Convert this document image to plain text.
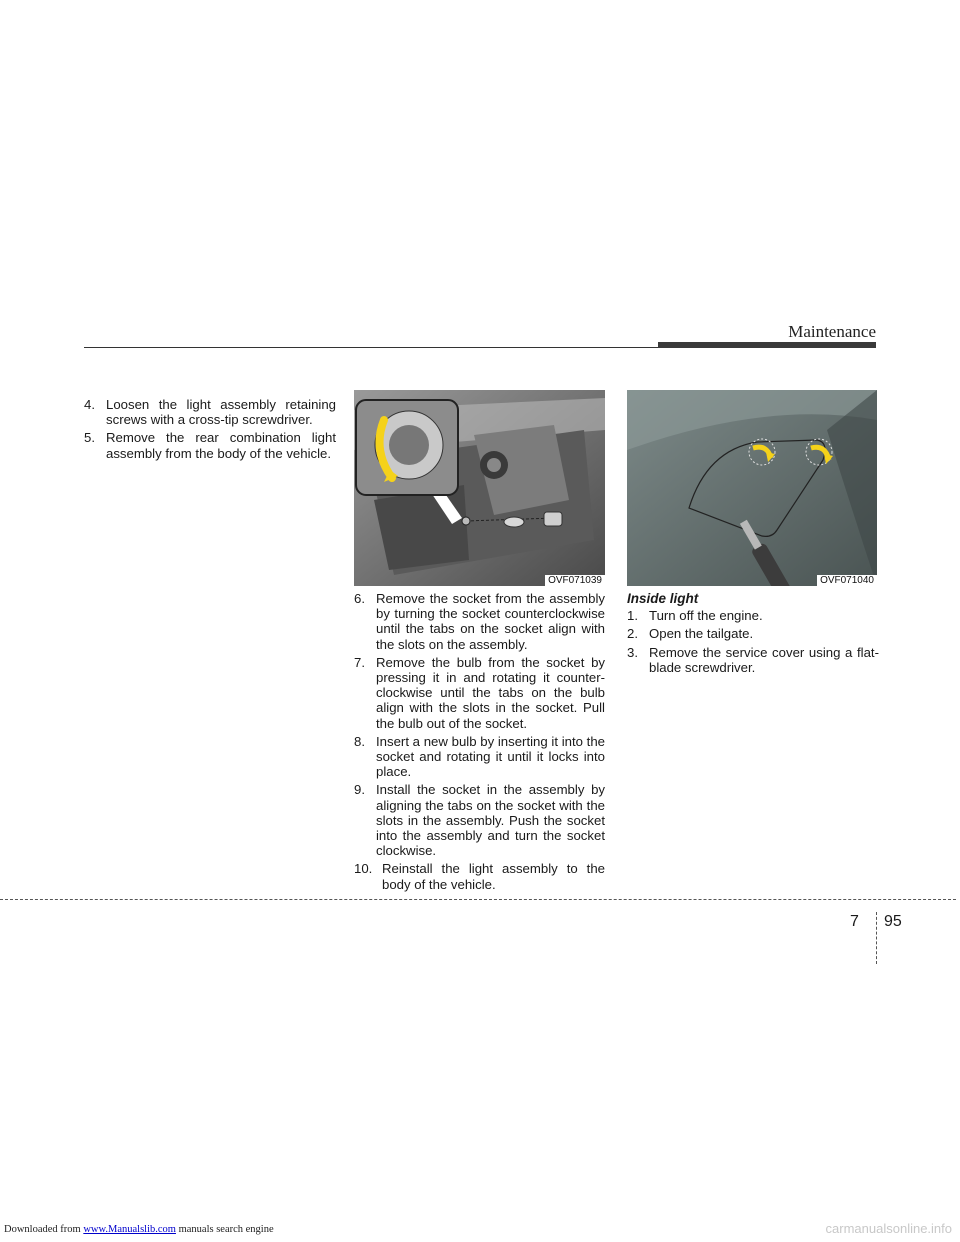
Maintenance
4. Loosen the light assembly retaining screws with a cross-tip screwdriver.
5. Remove the rear combination light assembly from the body of the vehicle.
OVF071039	OVF071040
6. Remove the socket from the assembly by turning the socket counterclockwise until the tabs on the socket align with the slots on the assembly.
7. Remove the bulb from the socket by pressing it in and rotating it counter-clockwise until the tabs on the bulb align with the slots in the socket. Pull the bulb out of the socket.
8. Insert a new bulb by inserting it into the socket and rotating it until it locks into place.
9. Install the socket in the assembly by aligning the tabs on the socket with the slots in the assembly. Push the socket into the assembly and turn the socket clockwise.
10. Reinstall the light assembly to the body of the vehicle.
Inside light
1. Turn off the engine.
2. Open the tailgate.
3. Remove the service cover using a flat-blade screwdriver.
7 95
Downloaded from www.Manualslib.com manuals search engine	carmanualsonline.info
